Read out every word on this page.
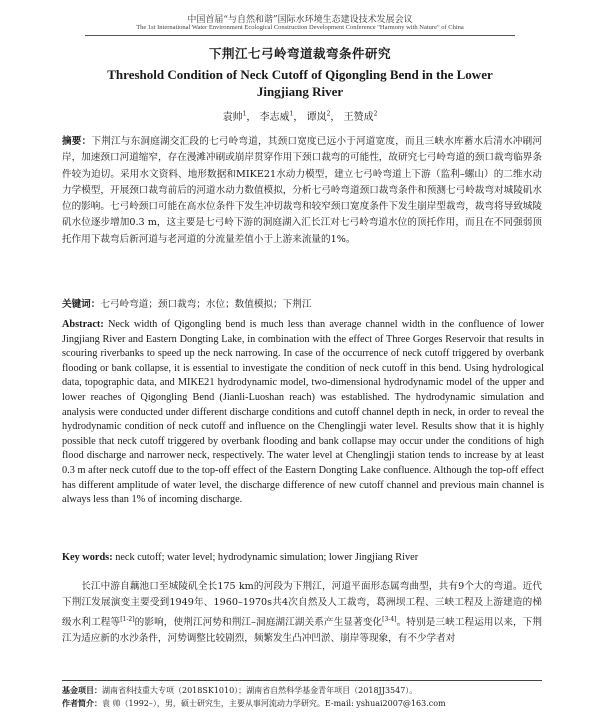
中国首届“与自然和谐”国际水环境生态建设技术发展会议
The 1st International Water Environment Ecological Construction Development Conference "Harmony with Nature" of China
下荆江七弓岭弯道裁弯条件研究
Threshold Condition of Neck Cutoff of Qigongling Bend in the Lower Jingjiang River
袁帅$^1$， 李志威$^1$， 谭岚$^2$， 王赞成$^2$
摘要：下荆江与东洞庭湖交汇段的七弓岭弯道，其颈口宽度已远小于河道宽度，而且三峡水库蓄水后清水冲刷河岸，加速颈口河道缩窄，存在漫滩冲刷或崩岸贯穿作用下颈口裁弯的可能性，故研究七弓岭弯道的颈口裁弯临界条件较为迫切。采用水文资料、地形数据和MIKE21水动力模型，建立七弓岭弯道上下游（监利–螺山）的二维水动力学模型，开展颈口裁弯前后的河道水动力数值模拟，分析七弓岭弯道颈口裁弯条件和预测七弓岭裁弯对城陵矶水位的影响。七弓岭颈口可能在高水位条件下发生冲切裁弯和较窄颈口宽度条件下发生崩岸型裁弯，裁弯将导致城陵矶水位逐步增加0.3 m，这主要是七弓岭下游的洞庭湖入汇长江对七弓岭弯道水位的顶托作用，而且在不同强弱顶托作用下裁弯后新河道与老河道的分流量差值小于上游来流量的1%。
关键词：七弓岭弯道；颈口裁弯；水位；数值模拟；下荆江
Abstract: Neck width of Qigongling bend is much less than average channel width in the confluence of lower Jingjiang River and Eastern Dongting Lake, in combination with the effect of Three Gorges Reservoir that results in scouring riverbanks to speed up the neck narrowing. In case of the occurrence of neck cutoff triggered by overbank flooding or bank collapse, it is essential to investigate the condition of neck cutoff in this bend. Using hydrological data, topographic data, and MIKE21 hydrodynamic model, two-dimensional hydrodynamic model of the upper and lower reaches of Qigongling Bend (Jianli-Luoshan reach) was established. The hydrodynamic simulation and analysis were conducted under different discharge conditions and cutoff channel depth in neck, in order to reveal the hydrodynamic condition of neck cutoff and influence on the Chenglingji water level. Results show that it is highly possible that neck cutoff triggered by overbank flooding and bank collapse may occur under the conditions of high flood discharge and narrower neck, respectively. The water level at Chenglingji station tends to increase by at least 0.3 m after neck cutoff due to the top-off effect of the Eastern Dongting Lake confluence. Although the top-off effect has different amplitude of water level, the discharge difference of new cutoff channel and previous main channel is always less than 1% of incoming discharge.
Key words: neck cutoff; water level; hydrodynamic simulation; lower Jingjiang River
长江中游自藕池口至城陵矶全长175 km的河段为下荆江，河道平面形态属弯曲型，共有9个大的弯道。近代下荆江发展演变主要受到1949年、1960–1970s共4次自然及人工裁弯，葛洲坝工程、三峡工程及上游建造的梯级水利工程等[1-2]的影响，使荆江河势和荆江–洞庭湖江湖关系产生显著变化[3-4]。特别是三峡工程运用以来，下荆江为适应新的水沙条件，河势调整比较剧烈，频繁发生凸冲凹淤、崩岸等现象，有不少学者对
基金项目：湖南省科技重大专项（2018SK1010）；湖南省自然科学基金青年项目（2018JJ3547）。
作者简介：袁 帅（1992–），男，硕士研究生，主要从事河流动力学研究。E-mail: yshuai2007@163.com
